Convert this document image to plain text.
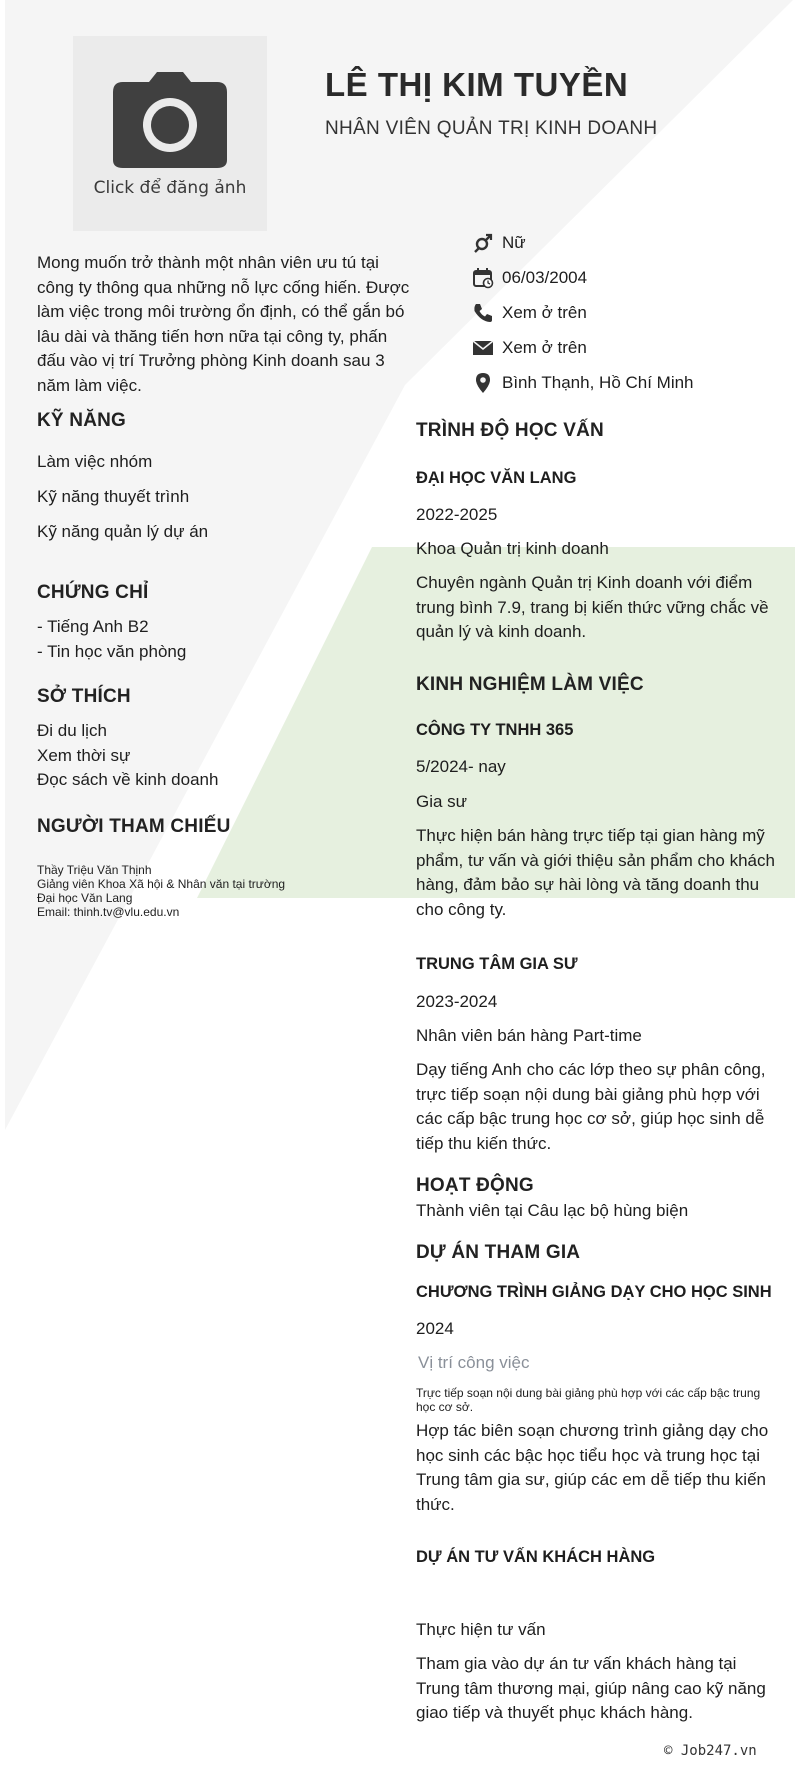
Click để đăng ảnh
LÊ THỊ KIM TUYỀN
NHÂN VIÊN QUẢN TRỊ KINH DOANH
Nữ
06/03/2004
Xem ở trên
Xem ở trên
Bình Thạnh, Hồ Chí Minh
Mong muốn trở thành một nhân viên ưu tú tại công ty thông qua những nỗ lực cống hiến. Được làm việc trong môi trường ổn định, có thể gắn bó lâu dài và thăng tiến hơn nữa tại công ty, phấn đấu vào vị trí Trưởng phòng Kinh doanh sau 3 năm làm việc.
KỸ NĂNG
Làm việc nhóm
Kỹ năng thuyết trình
Kỹ năng quản lý dự án
CHỨNG CHỈ
- Tiếng Anh B2
- Tin học văn phòng
SỞ THÍCH
Đi du lịch
Xem thời sự
Đọc sách về kinh doanh
NGƯỜI THAM CHIẾU
Thầy Triệu Văn Thịnh
Giảng viên Khoa Xã hội & Nhân văn tại trường
Đại học Văn Lang
Email: thinh.tv@vlu.edu.vn
TRÌNH ĐỘ HỌC VẤN
ĐẠI HỌC VĂN LANG
2022-2025
Khoa Quản trị kinh doanh
Chuyên ngành Quản trị Kinh doanh với điểm trung bình 7.9, trang bị kiến thức vững chắc về quản lý và kinh doanh.
KINH NGHIỆM LÀM VIỆC
CÔNG TY TNHH 365
5/2024- nay
Gia sư
Thực hiện bán hàng trực tiếp tại gian hàng mỹ phẩm, tư vấn và giới thiệu sản phẩm cho khách hàng, đảm bảo sự hài lòng và tăng doanh thu cho công ty.
TRUNG TÂM GIA SƯ
2023-2024
Nhân viên bán hàng Part-time
Dạy tiếng Anh cho các lớp theo sự phân công, trực tiếp soạn nội dung bài giảng phù hợp với các cấp bậc trung học cơ sở, giúp học sinh dễ tiếp thu kiến thức.
HOẠT ĐỘNG
Thành viên tại Câu lạc bộ hùng biện
DỰ ÁN THAM GIA
CHƯƠNG TRÌNH GIẢNG DẠY CHO HỌC SINH
2024
Vị trí công việc
Trực tiếp soạn nội dung bài giảng phù hợp với các cấp bậc trung học cơ sở.
Hợp tác biên soạn chương trình giảng dạy cho học sinh các bậc học tiểu học và trung học tại Trung tâm gia sư, giúp các em dễ tiếp thu kiến thức.
DỰ ÁN TƯ VẤN KHÁCH HÀNG
Thực hiện tư vấn
Tham gia vào dự án tư vấn khách hàng tại Trung tâm thương mại, giúp nâng cao kỹ năng giao tiếp và thuyết phục khách hàng.
© Job247.vn
